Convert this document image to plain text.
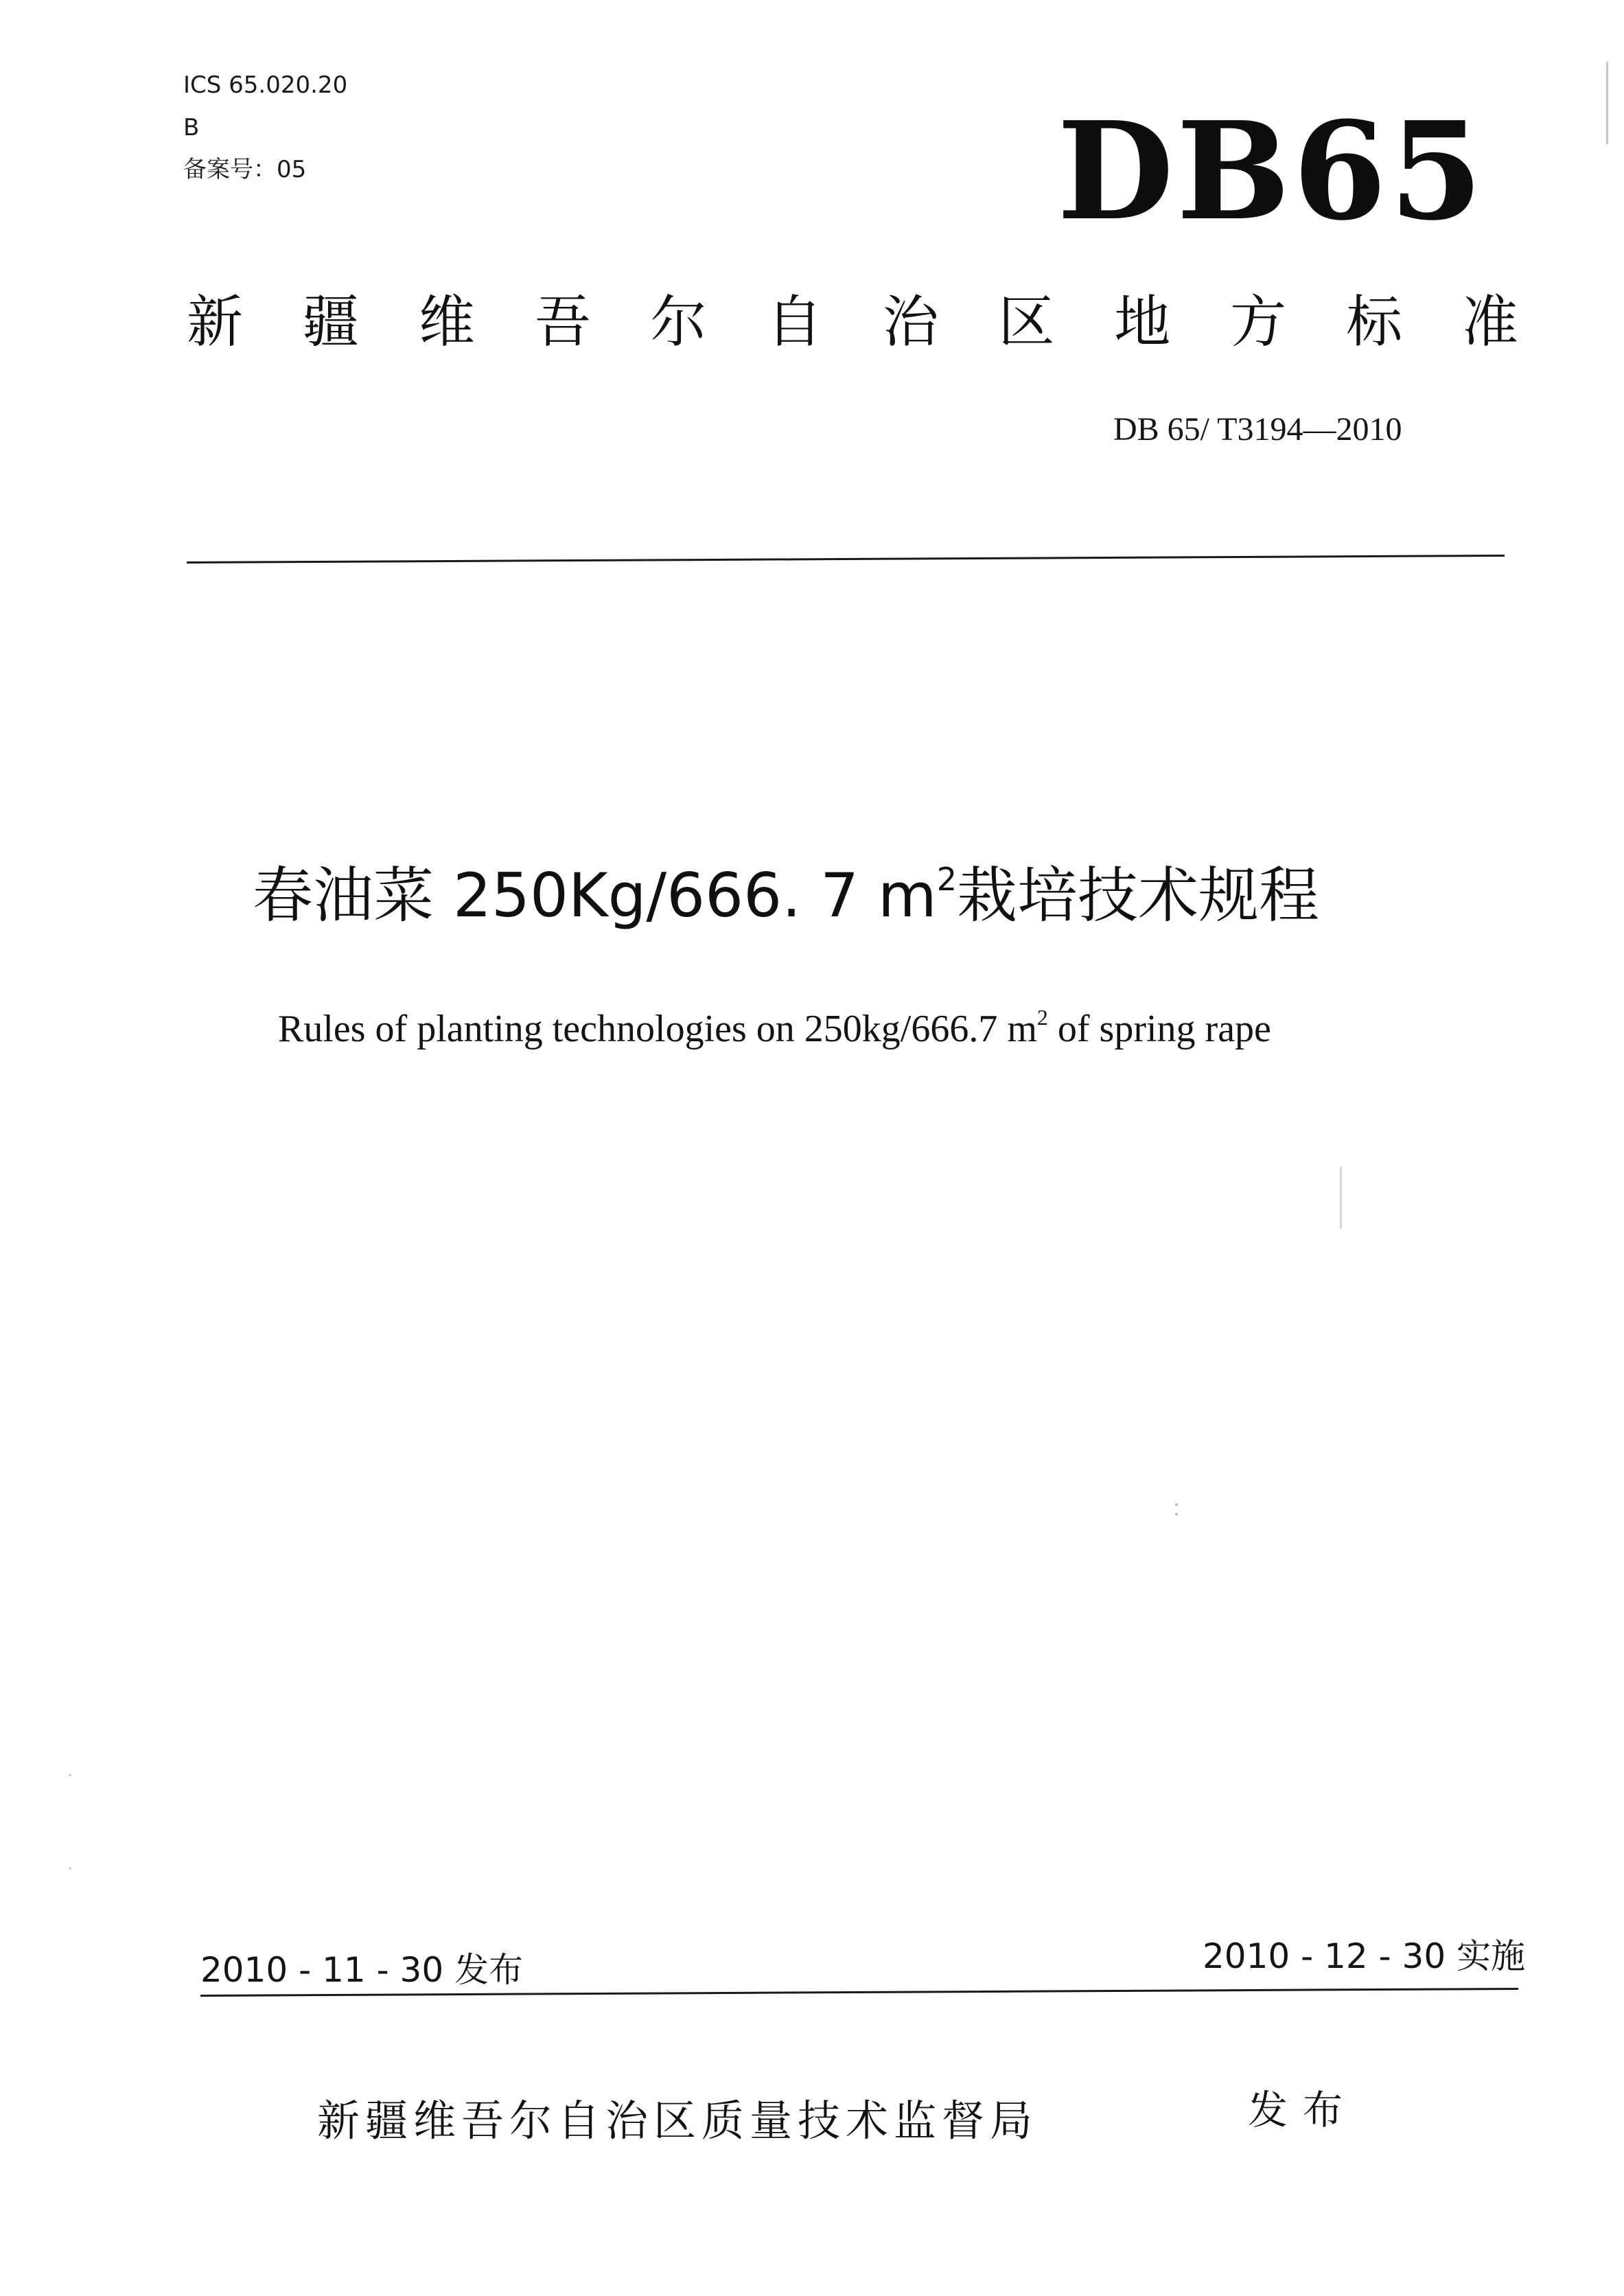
ICS 65.020.20
B
备案号：05	DB65
新 疆 维 吾 尔 自 治 区 地 方 标 准
DB 65/ T3194—2010
春油菜 250Kg/666. 7 $m^2$栽培技术规程
Rules of planting technologies on 250kg/666.7 $m^2$ of spring rape
2010 - 11 - 30 发布	2010 - 12 - 30 实施
新疆维吾尔自治区质量技术监督局	发布
